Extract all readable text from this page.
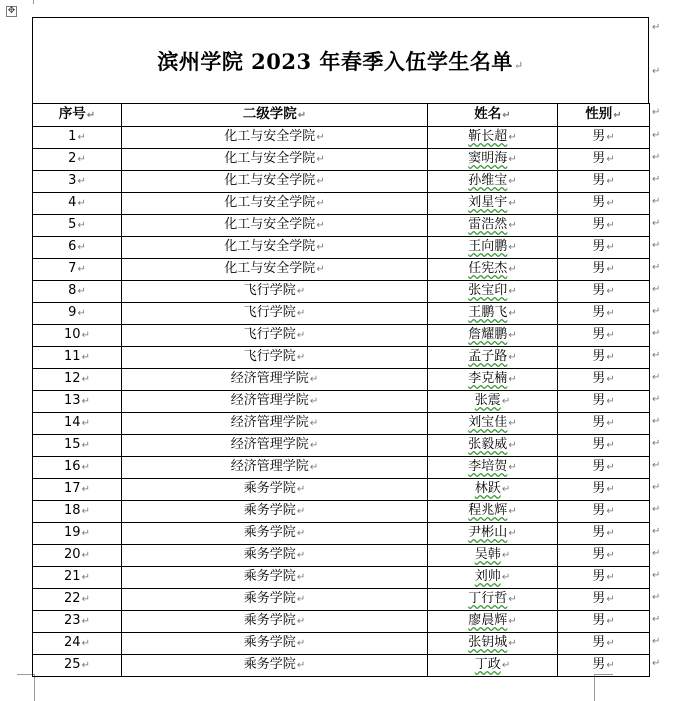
✥
滨州学院 2023 年春季入伍学生名单↵
↵
↵
序号↵	二级学院↵	姓名↵	性别↵
1↵	化工与安全学院↵	靳长超↵	男↵
2↵	化工与安全学院↵	窦明海↵	男↵
3↵	化工与安全学院↵	孙维宝↵	男↵
4↵	化工与安全学院↵	刘星宇↵	男↵
5↵	化工与安全学院↵	雷浩然↵	男↵
6↵	化工与安全学院↵	王向鹏↵	男↵
7↵	化工与安全学院↵	任宪杰↵	男↵
8↵	飞行学院↵	张宝印↵	男↵
9↵	飞行学院↵	王鹏飞↵	男↵
10↵	飞行学院↵	詹耀鹏↵	男↵
11↵	飞行学院↵	孟子路↵	男↵
12↵	经济管理学院↵	李克楠↵	男↵
13↵	经济管理学院↵	张震↵	男↵
14↵	经济管理学院↵	刘宝佳↵	男↵
15↵	经济管理学院↵	张毅威↵	男↵
16↵	经济管理学院↵	李培贺↵	男↵
17↵	乘务学院↵	林跃↵	男↵
18↵	乘务学院↵	程兆辉↵	男↵
19↵	乘务学院↵	尹彬山↵	男↵
20↵	乘务学院↵	吴韩↵	男↵
21↵	乘务学院↵	刘帅↵	男↵
22↵	乘务学院↵	丁行哲↵	男↵
23↵	乘务学院↵	廖晨辉↵	男↵
24↵	乘务学院↵	张钥城↵	男↵
25↵	乘务学院↵	丁政↵	男↵
↵
↵
↵
↵
↵
↵
↵
↵
↵
↵
↵
↵
↵
↵
↵
↵
↵
↵
↵
↵
↵
↵
↵
↵
↵
↵
